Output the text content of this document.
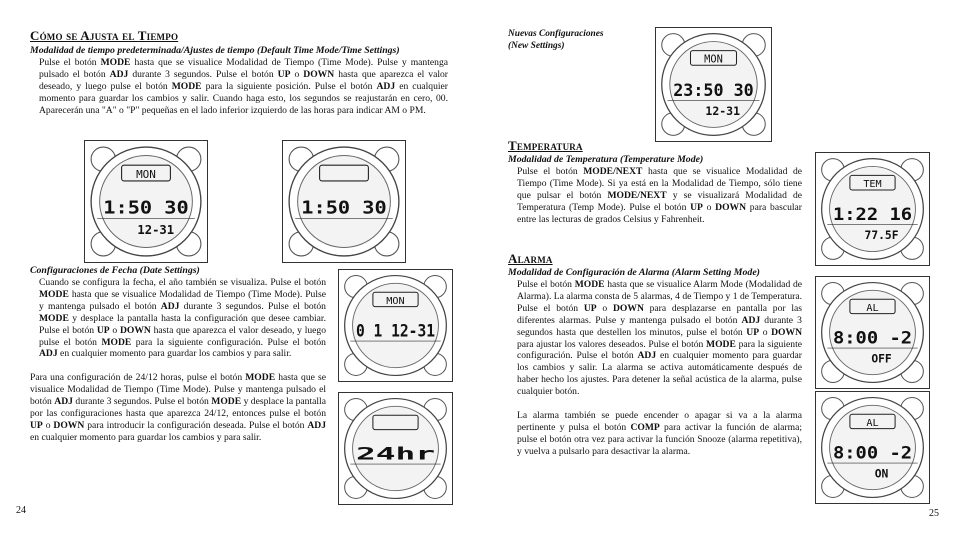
Cómo se Ajusta el Tiempo
Modalidad de tiempo predeterminada/Ajustes de tiempo (Default Time Mode/Time Settings)

Pulse el botón MODE hasta que se visualice Modalidad de Tiempo (Time Mode). Pulse y mantenga pulsado el botón ADJ durante 3 segundos. Pulse el botón UP o DOWN hasta que aparezca el valor deseado, y luego pulse el botón MODE para la siguiente posición. Pulse el botón ADJ en cualquier momento para guardar los cambios y salir. Cuando haga esto, los segundos se reajustarán en cero, 00. Aparecerán una "A" o "P" pequeñas en el lado inferior izquierdo de las horas para indicar AM o PM.

MON
1:50 30
12-31
1:50 30
Configuraciones de Fecha (Date Settings)

Cuando se configura la fecha, el año también se visualiza. Pulse el botón MODE hasta que se visualice Modalidad de Tiempo (Time Mode). Pulse y mantenga pulsado el botón ADJ durante 3 segundos. Pulse el botón MODE y desplace la pantalla hasta la configuración que desee cambiar. Pulse el botón UP o DOWN hasta que aparezca el valor deseado, y luego pulse el botón MODE para la siguiente configuración. Pulse el botón ADJ en cualquier momento para guardar los cambios y para salir.

Para una configuración de 24/12 horas, pulse el botón MODE hasta que se visualice Modalidad de Tiempo (Time Mode). Pulse y mantenga pulsado el botón ADJ durante 3 segundos. Pulse el botón MODE y desplace la pantalla por las configuraciones hasta que aparezca 24/12, entonces pulse el botón UP o DOWN para introducir la configuración deseada. Pulse el botón ADJ en cualquier momento para guardar los cambios y para salir.

MON
0 1 12-31
24hr
24
Nuevas Configuraciones
(New Settings)
MON
23:50 30
12-31
Temperatura
Modalidad de Temperatura (Temperature Mode)

Pulse el botón MODE/NEXT hasta que se visualice Modalidad de Tiempo (Time Mode). Si ya está en la Modalidad de Tiempo, sólo tiene que pulsar el botón MODE/NEXT y se visualizará Modalidad de Temperatura (Temp Mode). Pulse el botón UP o DOWN para bascular entre las lecturas de grados Celsius y Fahrenheit.

TEM
1:22 16
77.5F
Alarma
Modalidad de Configuración de Alarma (Alarm Setting Mode)

Pulse el botón MODE hasta que se visualice Alarm Mode (Modalidad de Alarma). La alarma consta de 5 alarmas, 4 de Tiempo y 1 de Temperatura. Pulse el botón UP o DOWN para desplazarse en pantalla por las diferentes alarmas. Pulse y mantenga pulsado el botón ADJ durante 3 segundos hasta que destellen los minutos, pulse el botón UP o DOWN para ajustar los valores deseados. Pulse el botón MODE para la siguiente configuración. Pulse el botón ADJ en cualquier momento para guardar los cambios y salir. La alarma se activa automáticamente después de haber hecho los ajustes. Para detener la señal acústica de la alarma, pulse cualquier botón.

La alarma también se puede encender o apagar si va a la alarma pertinente y pulsa el botón COMP para activar la función de alarma; pulse el botón otra vez para activar la función Snooze (alarma repetitiva), y vuelva a pulsarlo para desactivar la alarma.

AL
8:00 -2
OFF
AL
8:00 -2
ON
25
